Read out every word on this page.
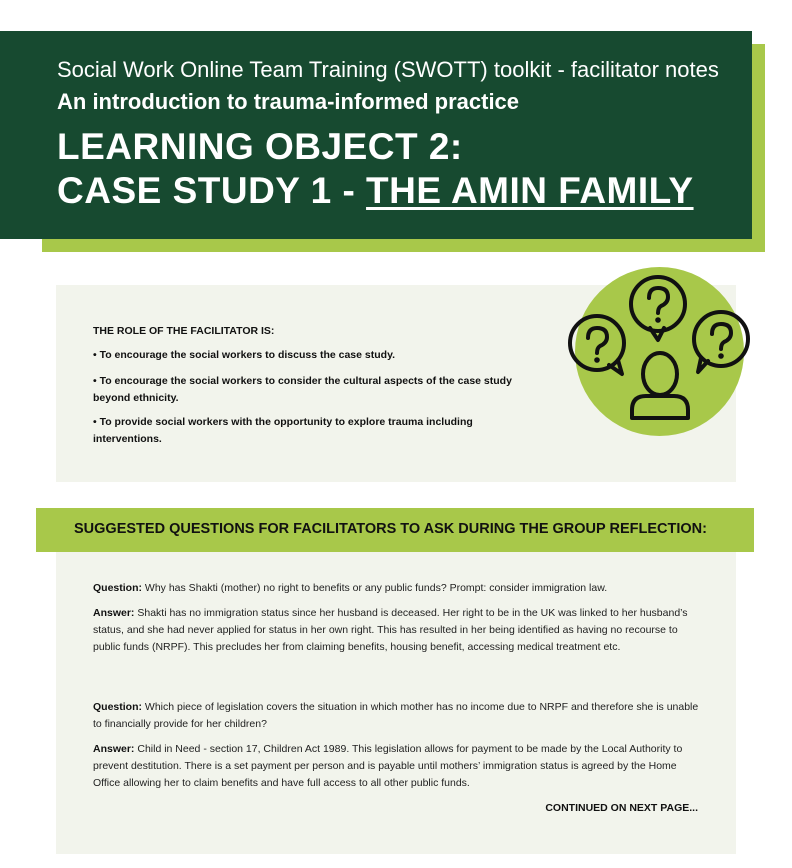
Social Work Online Team Training (SWOTT) toolkit - facilitator notes
An introduction to trauma-informed practice
LEARNING OBJECT 2:
CASE STUDY 1 - THE AMIN FAMILY
THE ROLE OF THE FACILITATOR IS:
• To encourage the social workers to discuss the case study.
• To encourage the social workers to consider the cultural aspects of the case study beyond ethnicity.
• To provide social workers with the opportunity to explore trauma including interventions.
SUGGESTED QUESTIONS FOR FACILITATORS TO ASK DURING THE GROUP REFLECTION:
Question: Why has Shakti (mother) no right to benefits or any public funds? Prompt: consider immigration law.
Answer: Shakti has no immigration status since her husband is deceased. Her right to be in the UK was linked to her husband’s status, and she had never applied for status in her own right. This has resulted in her being identified as having no recourse to public funds (NRPF). This precludes her from claiming benefits, housing benefit, accessing medical treatment etc.
Question: Which piece of legislation covers the situation in which mother has no income due to NRPF and therefore she is unable to financially provide for her children?
Answer: Child in Need - section 17, Children Act 1989. This legislation allows for payment to be made by the Local Authority to prevent destitution. There is a set payment per person and is payable until mothers’ immigration status is agreed by the Home Office allowing her to claim benefits and have full access to all other public funds.
CONTINUED ON NEXT PAGE...
